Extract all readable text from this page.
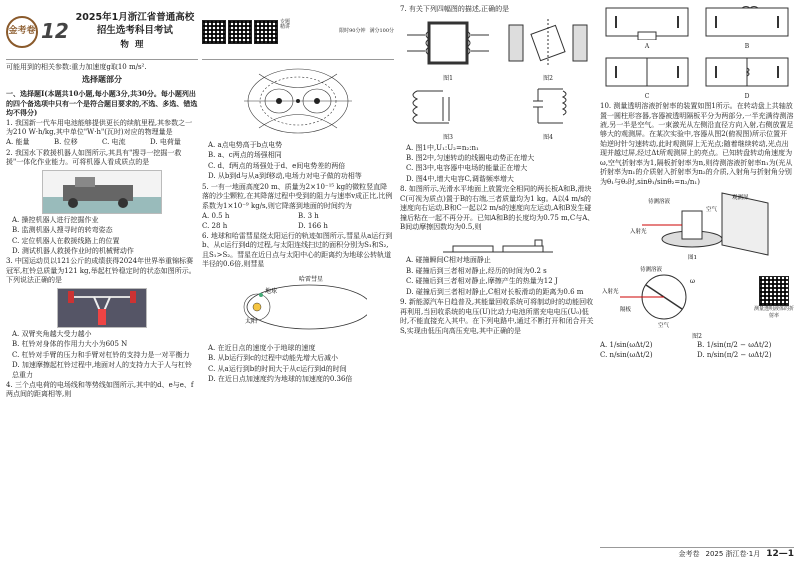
金考卷 12
2025年1月浙江省普通高校
招生选考科目考试
物理

可能用到的相关参数:重力加速度g取10 m/s².

选择题部分

一、选择题Ⅰ(本题共10小题,每小题3分,共30分。每小题列出的四个备选项中只有一个是符合题目要求的,不选、多选、错选均不得分)

1. 我国新一代车用电池能够提供更长的续航里程,其参数之一为210 W·h/kg,其中单位"W·h"(瓦时)对应的物理量是

A. 能量	B. 位移	C. 电流	D. 电荷量

2. 我国水下救援机器人如图所示,其具有"搜寻一挖掘一救援"一体化作业能力。可将机器人看成质点的是

A. 操控机器人进行挖掘作业

B. 监测机器人搜寻时的转弯姿态

C. 定位机器人在救援线路上的位置

D. 测试机器人救援作业时的机械臂动作

3. 中国运动员以121公斤的成绩获得2024年世界举重锦标赛冠军,杠铃总质量为121 kg,举起杠铃稳定时的状态如图所示。下列说法正确的是

A. 双臂夹角越大受力越小

B. 杠铃对身体的作用力大小为605 N

C. 杠铃对手臂的压力和手臂对杠铃的支持力是一对平衡力

D. 加速摩擦起杠铃过程中,地面对人的支持力大于人与杠铃总重力

4. 三个点电荷的电场线和等势线如图所示,其中的d、e与e、f两点间的距离相等,则

专题精讲
限时90分钟 满分100分

A. a点电势高于b点电势

B. a、c两点的场强相同

C. d、f两点的场强处于d、e间电势差的两倍

D. 从b到d与从a到f移动,电场力对电子做的功相等

5. 一有一地面高度20 m、质量为2×10⁻¹⁵ kg的微粒竖直降落的沙尘颗粒,在其降落过程中受到的阻力与速率v成正比,比例系数为1×10⁻⁹ kg/s,则它降落到地面的时间约为

A. 0.5 h	B. 3 h
C. 28 h	D. 166 h

6. 地球和哈雷彗星绕太阳运行的轨迹如图所示,彗星从a运行到b、从c运行到d的过程,与太阳连线扫过的面积分别为S₁和S₂,且S₁>S₂。彗星在近日点与太阳中心的距离约为地球公转轨道半径的0.6倍,则彗星

哈雷彗星
地球
太阳

A. 在近日点的速度小于地球的速度

B. 从b运行到c的过程中动能先增大后减小

C. 从a运行到b的时间大于从c运行到d的时间

D. 在近日点加速度约为地球的加速度的0.36倍

7. 有关下列四幅图的描述,正确的是

图1	图2
图3	图4

A. 图1中,U₁:U₂=n₂:n₁

B. 图2中,匀速转动的线圈电动势正在增大

C. 图3中,电容器中电场的能量正在增大

D. 图4中,增大电容C,调谐频率增大

8. 如图所示,光滑水平地面上放置完全相同的两长板A和B,滑块C(可视为质点)置于B的右端,三者质量均为1 kg。A以4 m/s的速度向右运动,B和C一起以2 m/s的速度向左运动,A和B发生碰撞后粘在一起不再分开。已知A和B的长度均为0.75 m,C与A、B间动摩擦因数均为0.5,则

A. 碰撞瞬间C相对地面静止

B. 碰撞后到三者相对静止,经历的时间为0.2 s

C. 碰撞后到三者相对静止,摩擦产生的热量为12 J

D. 碰撞后到三者相对静止,C相对长板滑动的距离为0.6 m

9. 新能源汽车日趋普及,其能量回收系统可将制动时的动能回收再利用,当回收系统的电压(U)比动力电池所需充电电压(U₀)低时,不能直接充入其中。在下列电路中,通过不断打开和闭合开关S,实现由低压向高压充电,其中正确的是

A	B
C	D

10. 测量透明溶液折射率的装置如图1所示。在转动盘上共轴放置一圆柱形容器,容器被透明隔板平分为两部分,一半充满待测溶液,另一半是空气。一束激光从左侧沿直径方向入射,右侧放置足够大的观测屏。在某次实验中,容器从图2(俯视图)所示位置开始逆时针匀速转动,此时观测屏上无光点;随着继续转动,光点出现并越过屏,经过Δt所观测屏上的亮点。已知转盘转动角速度为ω,空气折射率为1,隔板折射率为n,则待测溶液折射率n₁为(光从折射率为n₁的介质射入折射率为n₂的介质,入射角与折射角分别为θ₁与θ₂时,sinθ₁/sinθ₂=n₂/n₁)

观测屏
待测溶液
空气
入射光
图1
待测溶液
入射光
隔板
空气
ω
测量透明液体的折射率
图2
A. 1/sin(ωΔt/2)	B. 1/sin(π/2 − ωΔt/2)
C. n/sin(ωΔt/2)	D. n/sin(π/2 − ωΔt/2)
金考卷 2025 浙江卷·1月 12—1
